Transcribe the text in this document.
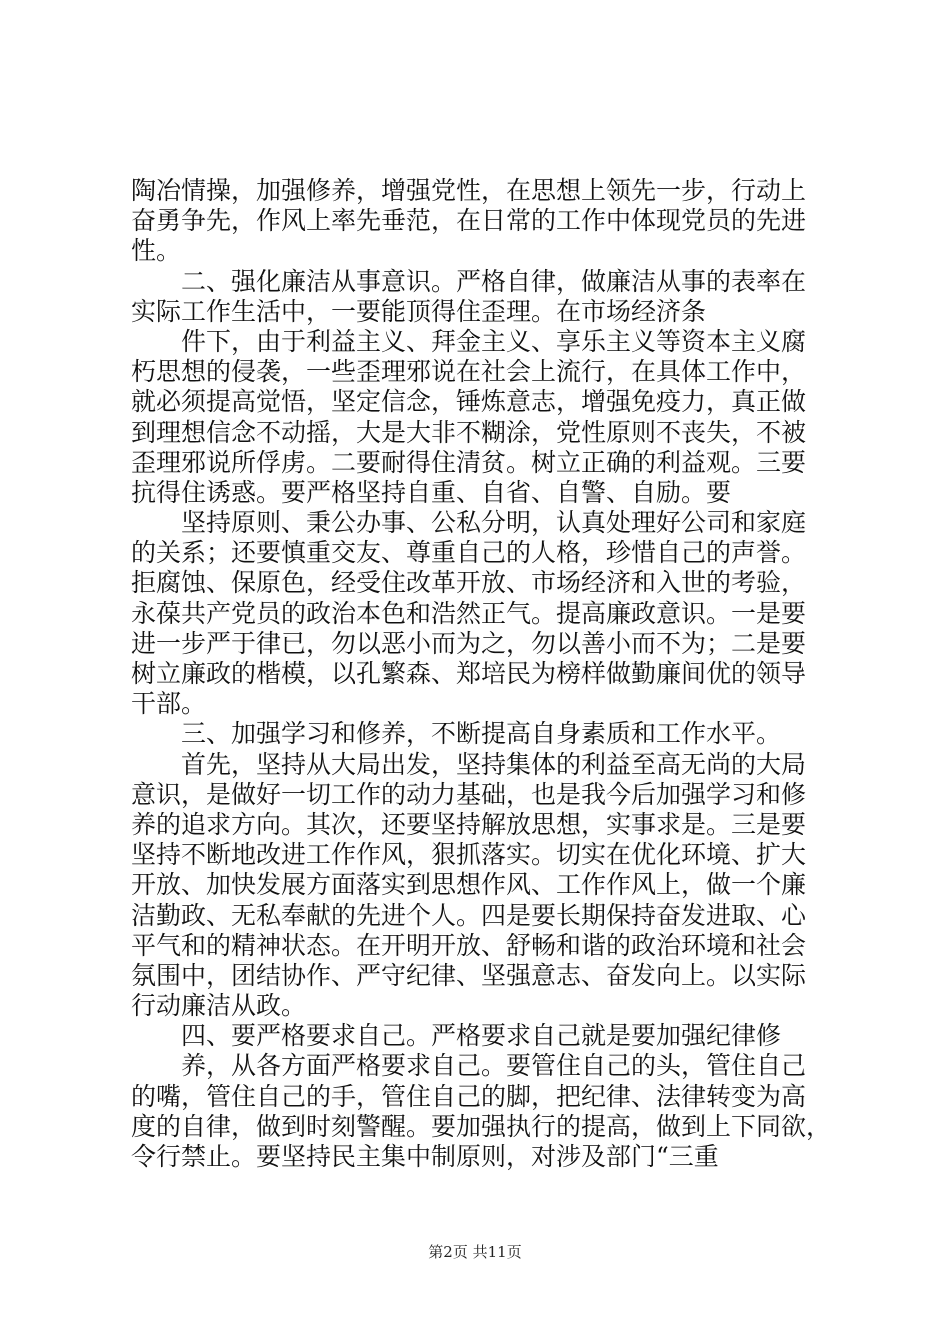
陶冶情操，加强修养，增强党性，在思想上领先一步，行动上
奋勇争先，作风上率先垂范，在日常的工作中体现党员的先进
性。
　　二、强化廉洁从事意识。严格自律，做廉洁从事的表率在
实际工作生活中，一要能顶得住歪理。在市场经济条
　　件下，由于利益主义、拜金主义、享乐主义等资本主义腐
朽思想的侵袭，一些歪理邪说在社会上流行，在具体工作中，
就必须提高觉悟，坚定信念，锤炼意志，增强免疫力，真正做
到理想信念不动摇，大是大非不糊涂，党性原则不丧失，不被
歪理邪说所俘虏。二要耐得住清贫。树立正确的利益观。三要
抗得住诱惑。要严格坚持自重、自省、自警、自励。要
　　坚持原则、秉公办事、公私分明，认真处理好公司和家庭
的关系；还要慎重交友、尊重自己的人格，珍惜自己的声誉。
拒腐蚀、保原色，经受住改革开放、市场经济和入世的考验，
永葆共产党员的政治本色和浩然正气。提高廉政意识。一是要
进一步严于律已，勿以恶小而为之，勿以善小而不为；二是要
树立廉政的楷模，以孔繁森、郑培民为榜样做勤廉间优的领导
干部。
　　三、加强学习和修养，不断提高自身素质和工作水平。
　　首先，坚持从大局出发，坚持集体的利益至高无尚的大局
意识，是做好一切工作的动力基础，也是我今后加强学习和修
养的追求方向。其次，还要坚持解放思想，实事求是。三是要
坚持不断地改进工作作风，狠抓落实。切实在优化环境、扩大
开放、加快发展方面落实到思想作风、工作作风上，做一个廉
洁勤政、无私奉献的先进个人。四是要长期保持奋发进取、心
平气和的精神状态。在开明开放、舒畅和谐的政治环境和社会
氛围中，团结协作、严守纪律、坚强意志、奋发向上。以实际
行动廉洁从政。
　　四、要严格要求自己。严格要求自己就是要加强纪律修
　　养，从各方面严格要求自己。要管住自己的头，管住自己
的嘴，管住自己的手，管住自己的脚，把纪律、法律转变为高
度的自律，做到时刻警醒。要加强执行的提高，做到上下同欲，
令行禁止。要坚持民主集中制原则，对涉及部门“三重
第2页 共11页
